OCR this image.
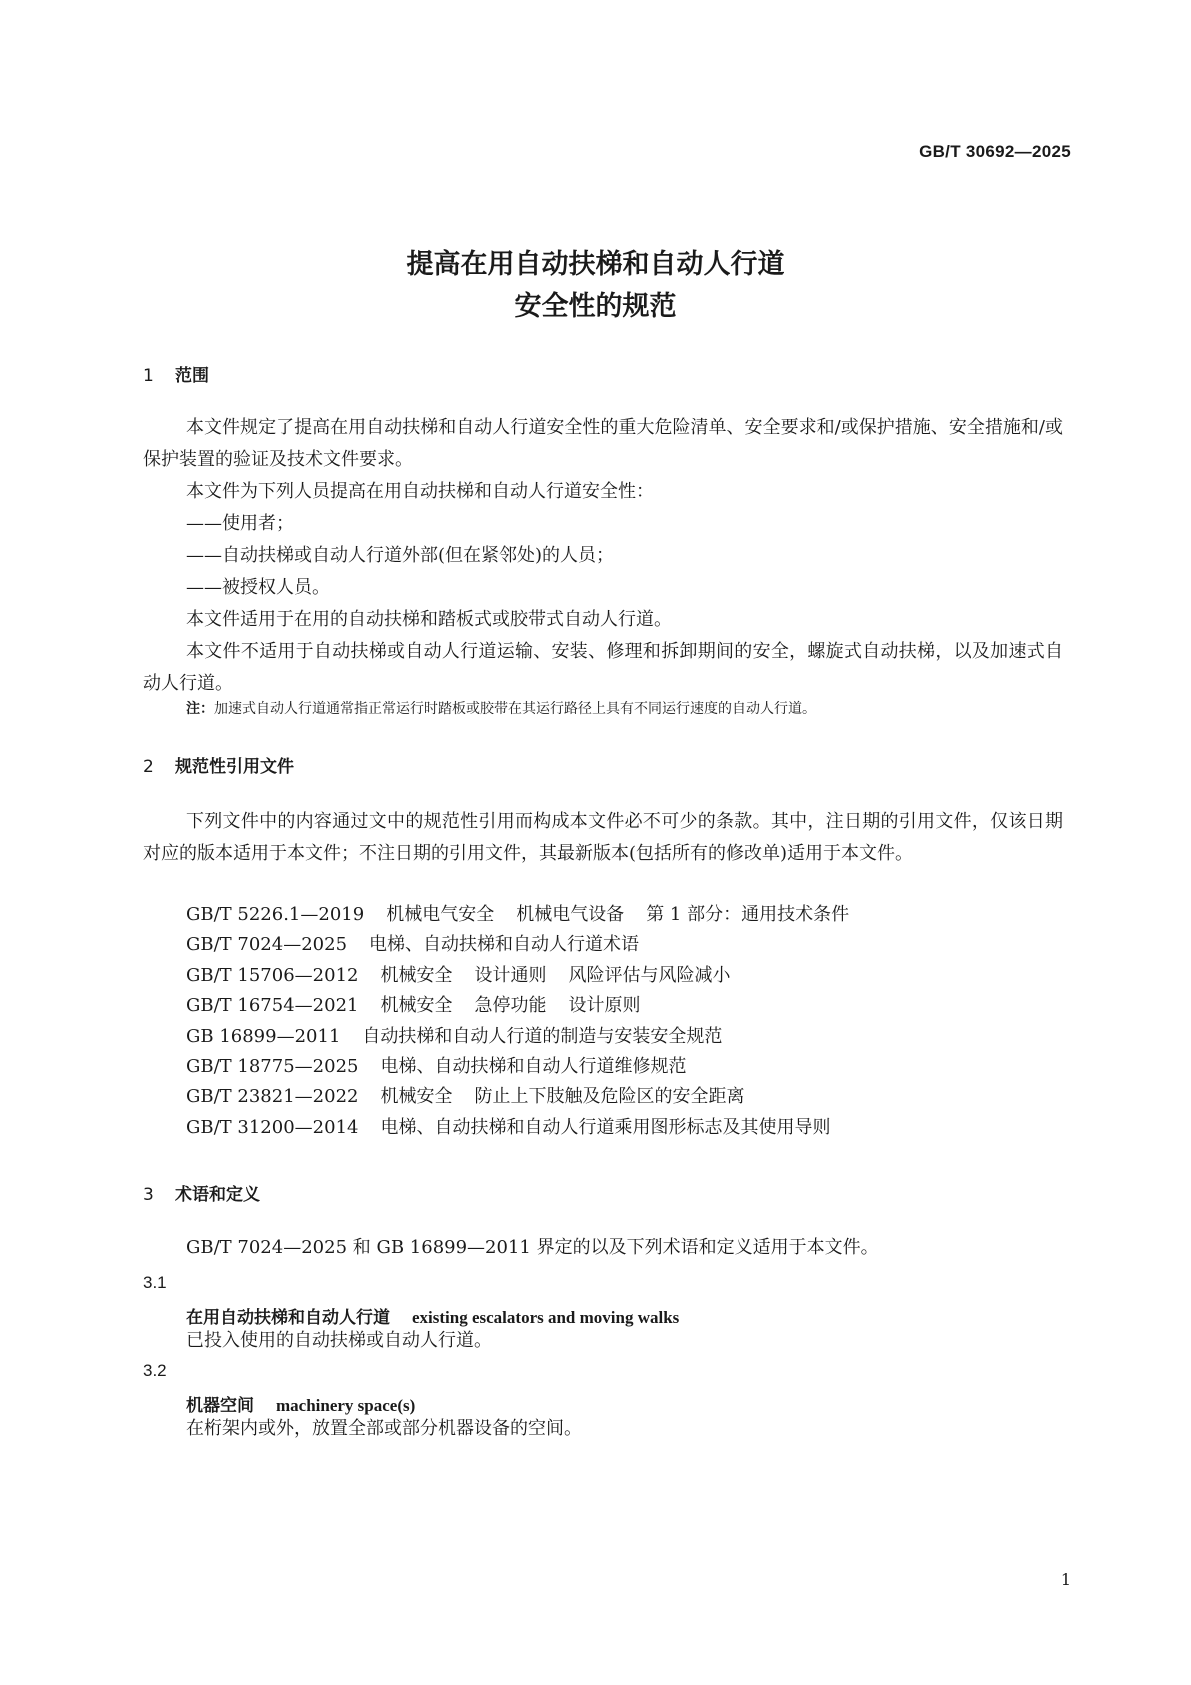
GB/T 30692—2025
提高在用自动扶梯和自动人行道
安全性的规范
1 范围
本文件规定了提高在用自动扶梯和自动人行道安全性的重大危险清单、安全要求和/或保护措施、安全措施和/或保护装置的验证及技术文件要求。
本文件为下列人员提高在用自动扶梯和自动人行道安全性：
——使用者；
——自动扶梯或自动人行道外部(但在紧邻处)的人员；
——被授权人员。
本文件适用于在用的自动扶梯和踏板式或胶带式自动人行道。
本文件不适用于自动扶梯或自动人行道运输、安装、修理和拆卸期间的安全，螺旋式自动扶梯，以及加速式自动人行道。
注：加速式自动人行道通常指正常运行时踏板或胶带在其运行路径上具有不同运行速度的自动人行道。
2 规范性引用文件
下列文件中的内容通过文中的规范性引用而构成本文件必不可少的条款。其中，注日期的引用文件，仅该日期对应的版本适用于本文件；不注日期的引用文件，其最新版本(包括所有的修改单)适用于本文件。
GB/T 5226.1—2019 机械电气安全 机械电气设备 第 1 部分：通用技术条件
GB/T 7024—2025 电梯、自动扶梯和自动人行道术语
GB/T 15706—2012 机械安全 设计通则 风险评估与风险减小
GB/T 16754—2021 机械安全 急停功能 设计原则
GB 16899—2011 自动扶梯和自动人行道的制造与安装安全规范
GB/T 18775—2025 电梯、自动扶梯和自动人行道维修规范
GB/T 23821—2022 机械安全 防止上下肢触及危险区的安全距离
GB/T 31200—2014 电梯、自动扶梯和自动人行道乘用图形标志及其使用导则
3 术语和定义
GB/T 7024—2025 和 GB 16899—2011 界定的以及下列术语和定义适用于本文件。
3.1
在用自动扶梯和自动人行道 existing escalators and moving walks
已投入使用的自动扶梯或自动人行道。
3.2
机器空间 machinery space(s)
在桁架内或外，放置全部或部分机器设备的空间。
1
